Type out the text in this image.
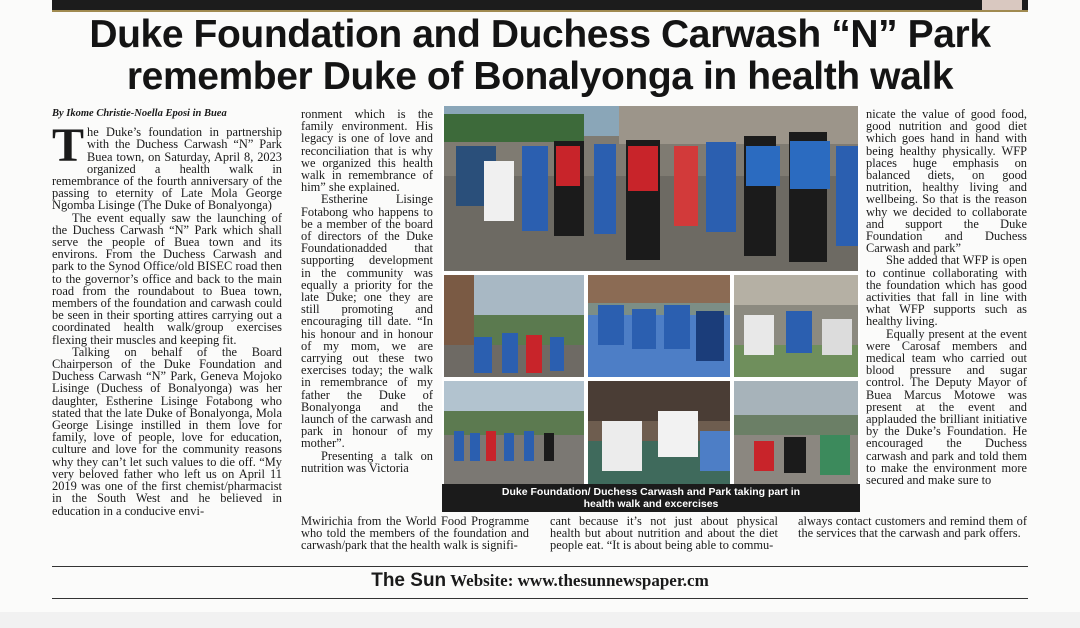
Duke Foundation and Duchess Carwash “N” Park
remember Duke of Bonalyonga in health walk

By Ikome Christie-Noella Eposi in Buea

The Duke’s foundation in partnership with the Duchess Carwash “N” Park Buea town, on Saturday, April 8, 2023 organized a health walk in remembrance of the fourth anniversary of the passing to eternity of Late Mola George Ngomba Lisinge (The Duke of Bonalyonga)

The event equally saw the launching of the Duchess Carwash “N” Park which shall serve the people of Buea town and its environs. From the Duchess Carwash and park to the Synod Office/old BISEC road then to the governor’s office and back to the main road from the roundabout to Buea town, members of the foundation and carwash could be seen in their sporting attires carrying out a coordinated health walk/group exercises flexing their muscles and keeping fit.

Talking on behalf of the Board Chairperson of the Duke Foundation and Duchess Carwash “N” Park, Geneva Mojoko Lisinge (Duchess of Bonalyonga) was her daughter, Estherine Lisinge Fotabong who stated that the late Duke of Bonalyonga, Mola George Lisinge instilled in them love for family, love of people, love for education, culture and love for the community reasons why they can’t let such values to die off. “My very beloved father who left us on April 11 2019 was one of the first chemist/pharmacist in the South West and he believed in education in a conducive envi-

ronment which is the family environment. His legacy is one of love and reconciliation that is why we organized this health walk in remembrance of him” she explained.

Estherine Lisinge Fotabong who happens to be a member of the board of directors of the Duke Foundationadded that supporting development in the community was equally a priority for the late Duke; one they are still promoting and encouraging till date. “In his honour and in honour of my mom, we are carrying out these two exercises today; the walk in remembrance of my father the Duke of Bonalyonga and the launch of the carwash and park in honour of my mother”.

Presenting a talk on nutrition was Victoria

Duke Foundation/ Duchess Carwash and Park taking part in
health walk and excercises

nicate the value of good food, good nutrition and good diet which goes hand in hand with being healthy physically. WFP places huge emphasis on balanced diets, on good nutrition, healthy living and wellbeing. So that is the reason why we decided to collaborate and support the Duke Foundation and Duchess Carwash and park”

She added that WFP is open to continue collaborating with the foundation which has good activities that fall in line with what WFP supports such as healthy living.

Equally present at the event were Carosaf members and medical team who carried out blood pressure and sugar control. The Deputy Mayor of Buea Marcus Motowe was present at the event and applauded the brilliant initiative by the Duke’s Foundation. He encouraged the Duchess carwash and park and told them to make the environment more secured and make sure to

Mwirichia from the World Food Programme who told the members of the foundation and carwash/park that the health walk is signifi-
cant because it’s not just about physical health but about nutrition and about the diet people eat. “It is about being able to commu-
always contact customers and remind them of the services that the carwash and park offers.
The Sun Website: www.thesunnewspaper.cm
